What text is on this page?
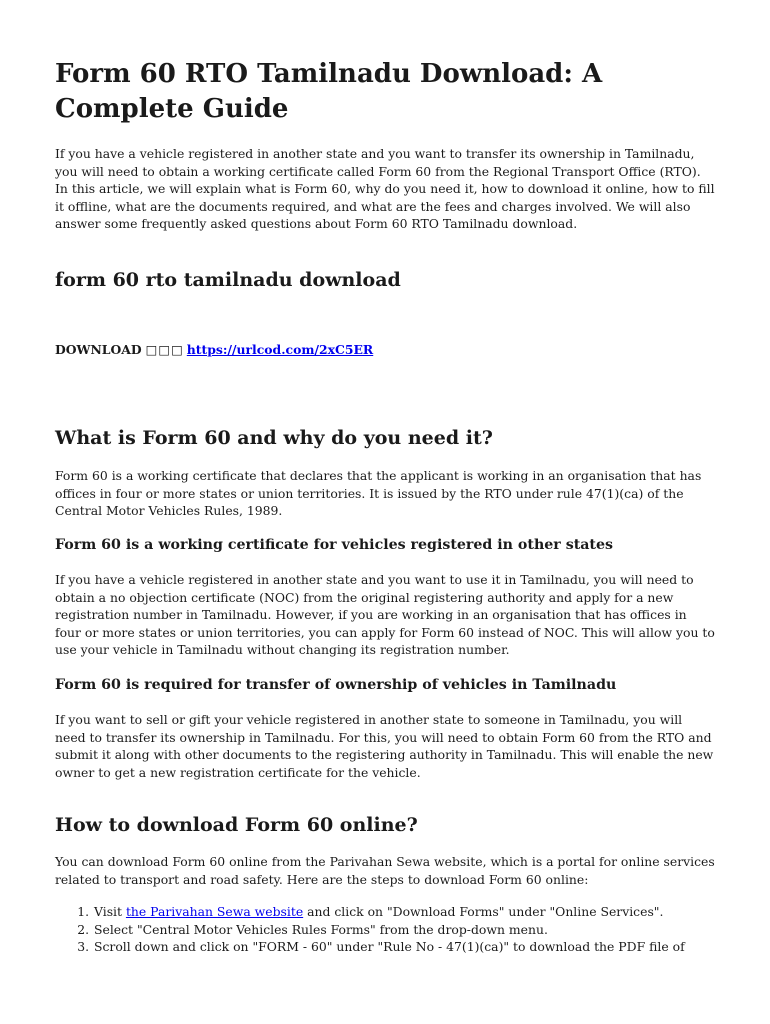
Form 60 RTO Tamilnadu Download: A Complete Guide

If you have a vehicle registered in another state and you want to transfer its ownership in Tamilnadu, you will need to obtain a working certificate called Form 60 from the Regional Transport Office (RTO). In this article, we will explain what is Form 60, why do you need it, how to download it online, how to fill it offline, what are the documents required, and what are the fees and charges involved. We will also answer some frequently asked questions about Form 60 RTO Tamilnadu download.

form 60 rto tamilnadu download
DOWNLOAD □□□ https://urlcod.com/2xC5ER
What is Form 60 and why do you need it?

Form 60 is a working certificate that declares that the applicant is working in an organisation that has offices in four or more states or union territories. It is issued by the RTO under rule 47(1)(ca) of the Central Motor Vehicles Rules, 1989.

Form 60 is a working certificate for vehicles registered in other states

If you have a vehicle registered in another state and you want to use it in Tamilnadu, you will need to obtain a no objection certificate (NOC) from the original registering authority and apply for a new registration number in Tamilnadu. However, if you are working in an organisation that has offices in four or more states or union territories, you can apply for Form 60 instead of NOC. This will allow you to use your vehicle in Tamilnadu without changing its registration number.

Form 60 is required for transfer of ownership of vehicles in Tamilnadu

If you want to sell or gift your vehicle registered in another state to someone in Tamilnadu, you will need to transfer its ownership in Tamilnadu. For this, you will need to obtain Form 60 from the RTO and submit it along with other documents to the registering authority in Tamilnadu. This will enable the new owner to get a new registration certificate for the vehicle.

How to download Form 60 online?

You can download Form 60 online from the Parivahan Sewa website, which is a portal for online services related to transport and road safety. Here are the steps to download Form 60 online:

1. Visit the Parivahan Sewa website and click on "Download Forms" under "Online Services".
2. Select "Central Motor Vehicles Rules Forms" from the drop-down menu.
3. Scroll down and click on "FORM - 60" under "Rule No - 47(1)(ca)" to download the PDF file of
